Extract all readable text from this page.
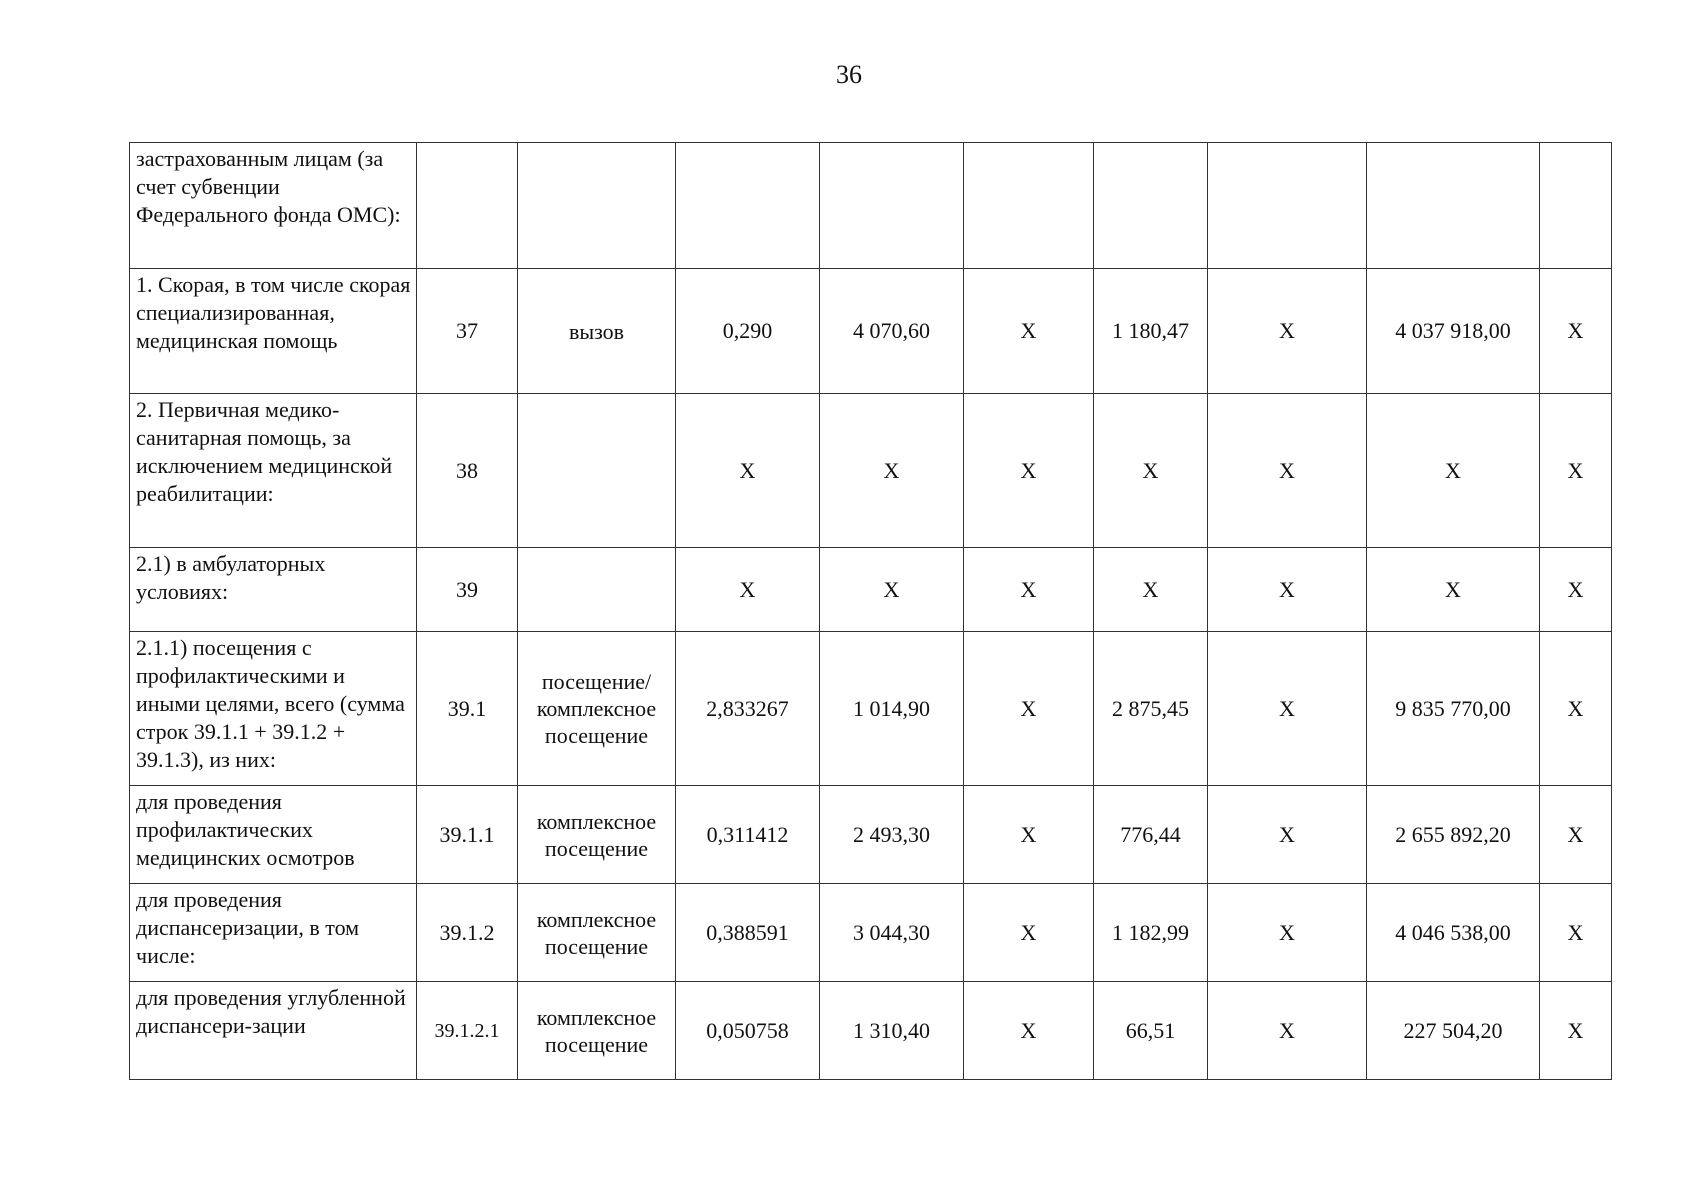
36
застрахованным лицам (за счет субвенции Федерального фонда ОМС):									
1. Скорая, в том числе скорая специализированная, медицинская помощь	37	вызов	0,290	4 070,60	X	1 180,47	X	4 037 918,00	X
2. Первичная медико-санитарная помощь, за исключением медицинской реабилитации:	38		X	X	X	X	X	X	X
2.1) в амбулаторных условиях:	39		X	X	X	X	X	X	X
2.1.1) посещения с профилактическими и иными целями, всего (сумма строк 39.1.1 + 39.1.2 + 39.1.3), из них:	39.1	посещение/ комплексное посещение	2,833267	1 014,90	X	2 875,45	X	9 835 770,00	X
для проведения профилактических медицинских осмотров	39.1.1	комплексное посещение	0,311412	2 493,30	X	776,44	X	2 655 892,20	X
для проведения диспансеризации, в том числе:	39.1.2	комплексное посещение	0,388591	3 044,30	X	1 182,99	X	4 046 538,00	X
для проведения углубленной диспансери-зации	39.1.2.1	комплексное посещение	0,050758	1 310,40	X	66,51	X	227 504,20	X
